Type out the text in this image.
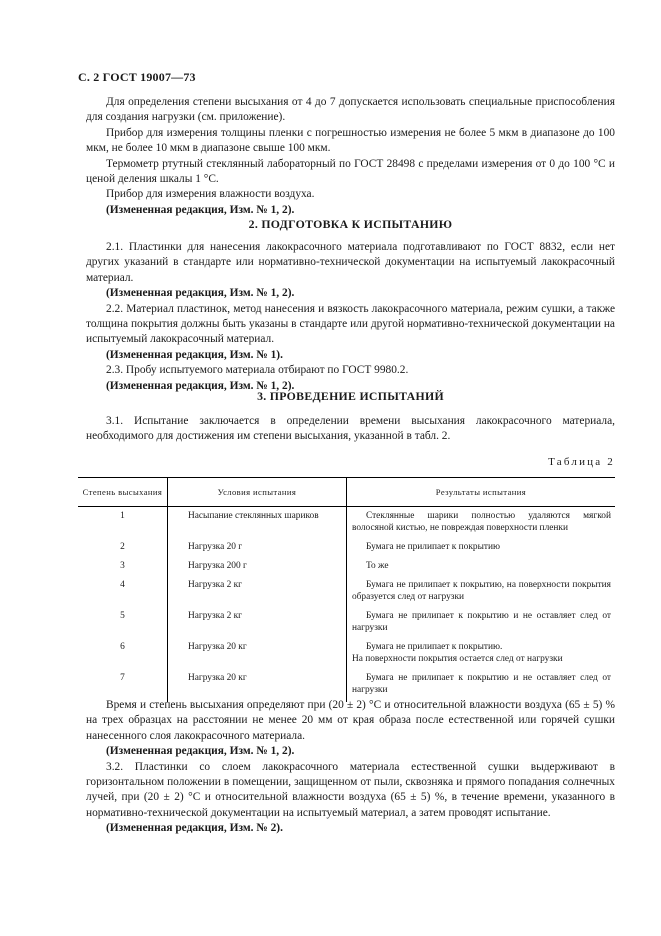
С. 2 ГОСТ 19007—73

Для определения степени высыхания от 4 до 7 допускается использовать специальные приспособления для создания нагрузки (см. приложение).

Прибор для измерения толщины пленки с погрешностью измерения не более 5 мкм в диапазоне до 100 мкм, не более 10 мкм в диапазоне свыше 100 мкм.

Термометр ртутный стеклянный лабораторный по ГОСТ 28498 с пределами измерения от 0 до 100 °С и ценой деления шкалы 1 °С.

Прибор для измерения влажности воздуха.

(Измененная редакция, Изм. № 1, 2).

2. ПОДГОТОВКА К ИСПЫТАНИЮ

2.1. Пластинки для нанесения лакокрасочного материала подготавливают по ГОСТ 8832, если нет других указаний в стандарте или нормативно-технической документации на испытуемый лакокрасочный материал.

(Измененная редакция, Изм. № 1, 2).

2.2. Материал пластинок, метод нанесения и вязкость лакокрасочного материала, режим сушки, а также толщина покрытия должны быть указаны в стандарте или другой нормативно-технической документации на испытуемый лакокрасочный материал.

(Измененная редакция, Изм. № 1).

2.3. Пробу испытуемого материала отбирают по ГОСТ 9980.2.

(Измененная редакция, Изм. № 1, 2).

3. ПРОВЕДЕНИЕ ИСПЫТАНИЙ

3.1. Испытание заключается в определении времени высыхания лакокрасочного материала, необходимого для достижения им степени высыхания, указанной в табл. 2.

Таблица 2
Степень высыхания	Условия испытания	Результаты испытания
1	Насыпание стеклянных шариков	Стеклянные шарики полностью удаляются мягкой волосяной кистью, не повреждая поверхности пленки
2	Нагрузка 20 г	Бумага не прилипает к покрытию
3	Нагрузка 200 г	То же
4	Нагрузка 2 кг	Бумага не прилипает к покрытию, на поверхности покрытия образуется след от нагрузки
5	Нагрузка 2 кг	Бумага не прилипает к покрытию и не оставляет след от нагрузки
6	Нагрузка 20 кг	Бумага не прилипает к покрытию.
На поверхности покрытия остается след от нагрузки
7	Нагрузка 20 кг	Бумага не прилипает к покрытию и не оставляет след от нагрузки

Время и степень высыхания определяют при (20 ± 2) °С и относительной влажности воздуха (65 ± 5) % на трех образцах на расстоянии не менее 20 мм от края образа после естественной или горячей сушки нанесенного слоя лакокрасочного материала.

(Измененная редакция, Изм. № 1, 2).

3.2. Пластинки со слоем лакокрасочного материала естественной сушки выдерживают в горизонтальном положении в помещении, защищенном от пыли, сквозняка и прямого попадания солнечных лучей, при (20 ± 2) °С и относительной влажности воздуха (65 ± 5) %, в течение времени, указанного в нормативно-технической документации на испытуемый материал, а затем проводят испытание.

(Измененная редакция, Изм. № 2).
